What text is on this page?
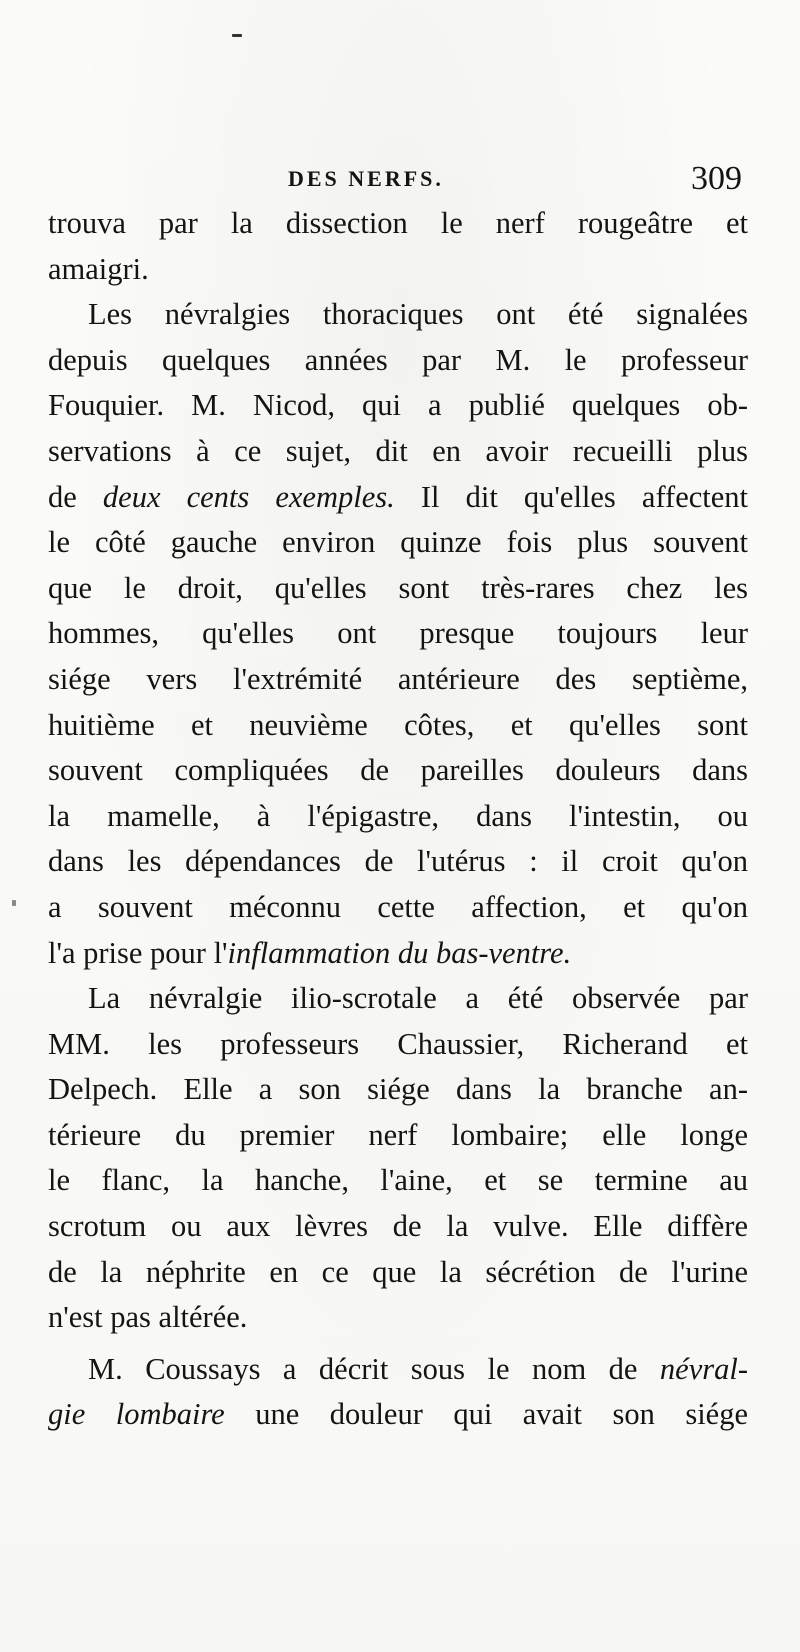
DES NERFS.	309
trouva par la dissection le nerf rougeâtre et
amaigri.
Les névralgies thoraciques ont été signalées
depuis quelques années par M. le professeur
Fouquier. M. Nicod, qui a publié quelques ob-
servations à ce sujet, dit en avoir recueilli plus
de deux cents exemples. Il dit qu'elles affectent
le côté gauche environ quinze fois plus souvent
que le droit, qu'elles sont très-rares chez les
hommes, qu'elles ont presque toujours leur
siége vers l'extrémité antérieure des septième,
huitième et neuvième côtes, et qu'elles sont
souvent compliquées de pareilles douleurs dans
la mamelle, à l'épigastre, dans l'intestin, ou
dans les dépendances de l'utérus : il croit qu'on
a souvent méconnu cette affection, et qu'on
l'a prise pour l'inflammation du bas-ventre.
La névralgie ilio-scrotale a été observée par
MM. les professeurs Chaussier, Richerand et
Delpech. Elle a son siége dans la branche an-
térieure du premier nerf lombaire; elle longe
le flanc, la hanche, l'aine, et se termine au
scrotum ou aux lèvres de la vulve. Elle diffère
de la néphrite en ce que la sécrétion de l'urine
n'est pas altérée.
M. Coussays a décrit sous le nom de névral-
gie lombaire une douleur qui avait son siége
